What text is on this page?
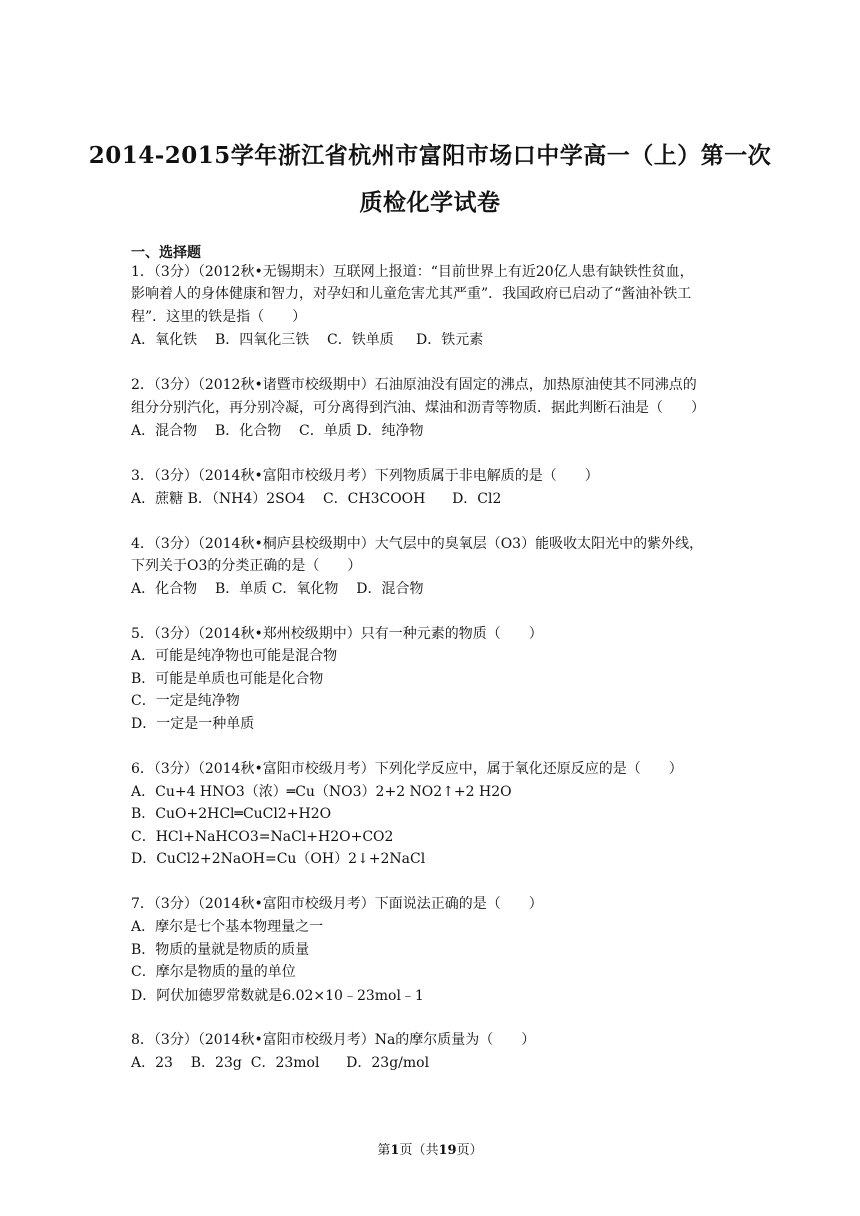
2014-2015学年浙江省杭州市富阳市场口中学高一（上）第一次
质检化学试卷
一、选择题
1．（3分）（2012秋•无锡期末）互联网上报道：“目前世界上有近20亿人患有缺铁性贫血，
影响着人的身体健康和智力，对孕妇和儿童危害尤其严重”．我国政府已启动了“酱油补铁工
程”．这里的铁是指（　　）
A．氧化铁 B．四氧化三铁 C．铁单质 D．铁元素
2．（3分）（2012秋•诸暨市校级期中）石油原油没有固定的沸点，加热原油使其不同沸点的
组分分别汽化，再分别冷凝，可分离得到汽油、煤油和沥青等物质．据此判断石油是（　　）
A．混合物 B．化合物 C．单质 D．纯净物
3．（3分）（2014秋•富阳市校级月考）下列物质属于非电解质的是（　　）
A．蔗糖 B．（NH4）2SO4 C．CH3COOH D．Cl2
4．（3分）（2014秋•桐庐县校级期中）大气层中的臭氧层（O3）能吸收太阳光中的紫外线，
下列关于O3的分类正确的是（　　）
A．化合物 B．单质 C．氧化物 D．混合物
5．（3分）（2014秋•郑州校级期中）只有一种元素的物质（　　）
A．可能是纯净物也可能是混合物
B．可能是单质也可能是化合物
C．一定是纯净物
D．一定是一种单质
6．（3分）（2014秋•富阳市校级月考）下列化学反应中，属于氧化还原反应的是（　　）
A．Cu+4 HNO3（浓）═Cu（NO3）2+2 NO2↑+2 H2O
B．CuO+2HCl═CuCl2+H2O
C．HCl+NaHCO3=NaCl+H2O+CO2
D．CuCl2+2NaOH=Cu（OH）2↓+2NaCl
7．（3分）（2014秋•富阳市校级月考）下面说法正确的是（　　）
A．摩尔是七个基本物理量之一
B．物质的量就是物质的质量
C．摩尔是物质的量的单位
D．阿伏加德罗常数就是6.02×10﹣23mol﹣1
8．（3分）（2014秋•富阳市校级月考）Na的摩尔质量为（　　）
A．23 B．23g C．23mol D．23g/mol
第1页（共19页）
